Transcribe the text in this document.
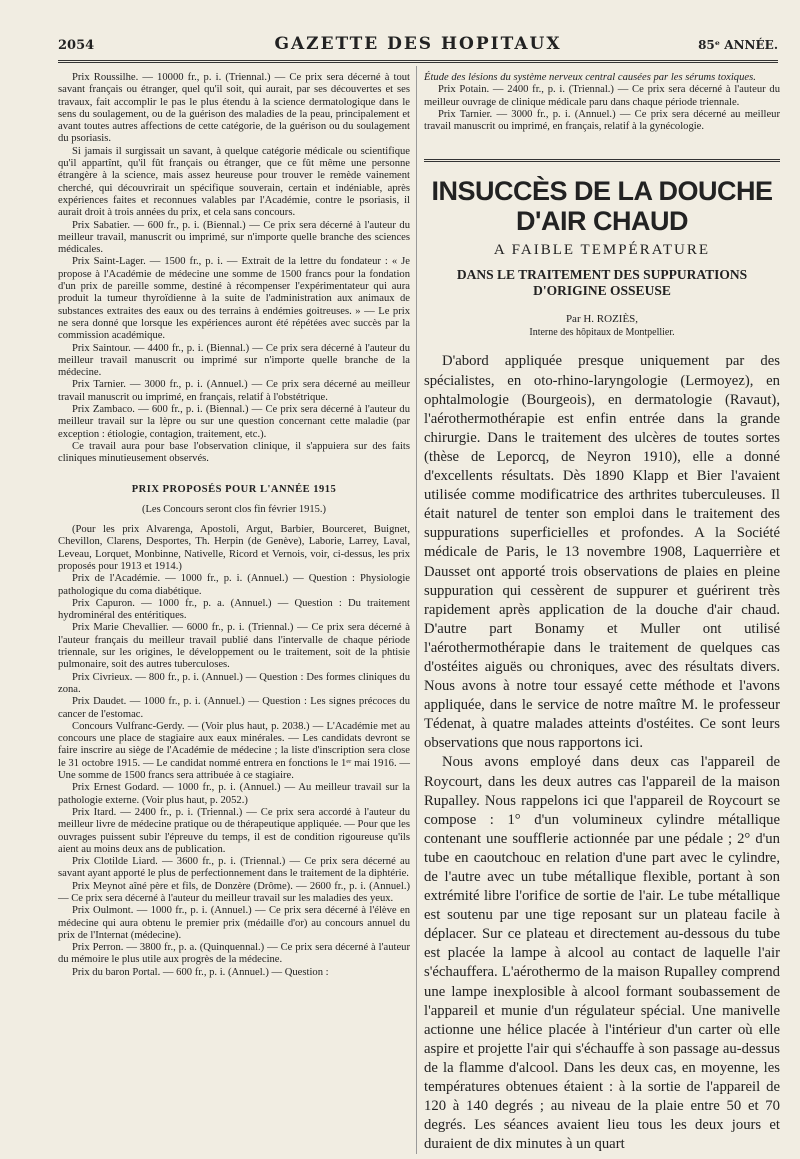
2054	GAZETTE DES HOPITAUX	85ᵉ ANNÉE.

Prix Roussilhe. — 10000 fr., p. i. (Triennal.) — Ce prix sera décerné à tout savant français ou étranger, quel qu'il soit, qui aurait, par ses découvertes et ses travaux, fait accomplir le pas le plus étendu à la science dermatologique dans le sens du soulagement, ou de la guérison des maladies de la peau, principalement et avant toutes autres affections de cette catégorie, de la guérison ou du soulagement du psoriasis.

Si jamais il surgissait un savant, à quelque catégorie médicale ou scientifique qu'il appartînt, qu'il fût français ou étranger, que ce fût même une personne étrangère à la science, mais assez heureuse pour trouver le remède vainement cherché, qui découvrirait un spécifique souverain, certain et indéniable, après expériences faites et reconnues valables par l'Académie, contre le psoriasis, il aurait droit à trois années du prix, et cela sans concours.

Prix Sabatier. — 600 fr., p. i. (Biennal.) — Ce prix sera décerné à l'auteur du meilleur travail, manuscrit ou imprimé, sur n'importe quelle branche des sciences médicales.

Prix Saint-Lager. — 1500 fr., p. i. — Extrait de la lettre du fondateur : « Je propose à l'Académie de médecine une somme de 1500 francs pour la fondation d'un prix de pareille somme, destiné à récompenser l'expérimentateur qui aura produit la tumeur thyroïdienne à la suite de l'administration aux animaux de substances extraites des eaux ou des terrains à endémies goitreuses. » — Le prix ne sera donné que lorsque les expériences auront été répétées avec succès par la commission académique.

Prix Saintour. — 4400 fr., p. i. (Biennal.) — Ce prix sera décerné à l'auteur du meilleur travail manuscrit ou imprimé sur n'importe quelle branche de la médecine.

Prix Tarnier. — 3000 fr., p. i. (Annuel.) — Ce prix sera décerné au meilleur travail manuscrit ou imprimé, en français, relatif à l'obstétrique.

Prix Zambaco. — 600 fr., p. i. (Biennal.) — Ce prix sera décerné à l'auteur du meilleur travail sur la lèpre ou sur une question concernant cette maladie (par exception : étiologie, contagion, traitement, etc.).

Ce travail aura pour base l'observation clinique, il s'appuiera sur des faits cliniques minutieusement observés.

PRIX PROPOSÉS POUR L'ANNÉE 1915
(Les Concours seront clos fin février 1915.)

(Pour les prix Alvarenga, Apostoli, Argut, Barbier, Bourceret, Buignet, Chevillon, Clarens, Desportes, Th. Herpin (de Genève), Laborie, Larrey, Laval, Leveau, Lorquet, Monbinne, Nativelle, Ricord et Vernois, voir, ci-dessus, les prix proposés pour 1913 et 1914.)

Prix de l'Académie. — 1000 fr., p. i. (Annuel.) — Question : Physiologie pathologique du coma diabétique.

Prix Capuron. — 1000 fr., p. a. (Annuel.) — Question : Du traitement hydrominéral des entéritiques.

Prix Marie Chevallier. — 6000 fr., p. i. (Triennal.) — Ce prix sera décerné à l'auteur français du meilleur travail publié dans l'intervalle de chaque période triennale, sur les origines, le développement ou le traitement, soit de la phtisie pulmonaire, soit des autres tuberculoses.

Prix Civrieux. — 800 fr., p. i. (Annuel.) — Question : Des formes cliniques du zona.

Prix Daudet. — 1000 fr., p. i. (Annuel.) — Question : Les signes précoces du cancer de l'estomac.

Concours Vulfranc-Gerdy. — (Voir plus haut, p. 2038.) — L'Académie met au concours une place de stagiaire aux eaux minérales. — Les candidats devront se faire inscrire au siège de l'Académie de médecine ; la liste d'inscription sera close le 31 octobre 1915. — Le candidat nommé entrera en fonctions le 1ᵉʳ mai 1916. — Une somme de 1500 francs sera attribuée à ce stagiaire.

Prix Ernest Godard. — 1000 fr., p. i. (Annuel.) — Au meilleur travail sur la pathologie externe. (Voir plus haut, p. 2052.)

Prix Itard. — 2400 fr., p. i. (Triennal.) — Ce prix sera accordé à l'auteur du meilleur livre de médecine pratique ou de thérapeutique appliquée. — Pour que les ouvrages puissent subir l'épreuve du temps, il est de condition rigoureuse qu'ils aient au moins deux ans de publication.

Prix Clotilde Liard. — 3600 fr., p. i. (Triennal.) — Ce prix sera décerné au savant ayant apporté le plus de perfectionnement dans le traitement de la diphtérie.

Prix Meynot aîné père et fils, de Donzère (Drôme). — 2600 fr., p. i. (Annuel.) — Ce prix sera décerné à l'auteur du meilleur travail sur les maladies des yeux.

Prix Oulmont. — 1000 fr., p. i. (Annuel.) — Ce prix sera décerné à l'élève en médecine qui aura obtenu le premier prix (médaille d'or) au concours annuel du prix de l'Internat (médecine).

Prix Perron. — 3800 fr., p. a. (Quinquennal.) — Ce prix sera décerné à l'auteur du mémoire le plus utile aux progrès de la médecine.

Prix du baron Portal. — 600 fr., p. i. (Annuel.) — Question :

Étude des lésions du système nerveux central causées par les sérums toxiques.

Prix Potain. — 2400 fr., p. i. (Triennal.) — Ce prix sera décerné à l'auteur du meilleur ouvrage de clinique médicale paru dans chaque période triennale.

Prix Tarnier. — 3000 fr., p. i. (Annuel.) — Ce prix sera décerné au meilleur travail manuscrit ou imprimé, en français, relatif à la gynécologie.

INSUCCÈS DE LA DOUCHE D'AIR CHAUD
A FAIBLE TEMPÉRATURE
DANS LE TRAITEMENT DES SUPPURATIONS D'ORIGINE OSSEUSE
Par H. ROZIÈS,
Interne des hôpitaux de Montpellier.

D'abord appliquée presque uniquement par des spécialistes, en oto-rhino-laryngologie (Lermoyez), en ophtalmologie (Bourgeois), en dermatologie (Ravaut), l'aérothermothérapie est enfin entrée dans la grande chirurgie. Dans le traitement des ulcères de toutes sortes (thèse de Leporcq, de Neyron 1910), elle a donné d'excellents résultats. Dès 1890 Klapp et Bier l'avaient utilisée comme modificatrice des arthrites tuberculeuses. Il était naturel de tenter son emploi dans le traitement des suppurations superficielles et profondes. A la Société médicale de Paris, le 13 novembre 1908, Laquerrière et Dausset ont apporté trois observations de plaies en pleine suppuration qui cessèrent de suppurer et guérirent très rapidement après application de la douche d'air chaud. D'autre part Bonamy et Muller ont utilisé l'aérothermothérapie dans le traitement de quelques cas d'ostéites aiguës ou chroniques, avec des résultats divers. Nous avons à notre tour essayé cette méthode et l'avons appliquée, dans le service de notre maître M. le professeur Tédenat, à quatre malades atteints d'ostéites. Ce sont leurs observations que nous rapportons ici.

Nous avons employé dans deux cas l'appareil de Roycourt, dans les deux autres cas l'appareil de la maison Rupalley. Nous rappelons ici que l'appareil de Roycourt se compose : 1° d'un volumineux cylindre métallique contenant une soufflerie actionnée par une pédale ; 2° d'un tube en caoutchouc en relation d'une part avec le cylindre, de l'autre avec un tube métallique flexible, portant à son extrémité libre l'orifice de sortie de l'air. Le tube métallique est soutenu par une tige reposant sur un plateau facile à déplacer. Sur ce plateau et directement au-dessous du tube est placée la lampe à alcool au contact de laquelle l'air s'échauffera. L'aérothermo de la maison Rupalley comprend une lampe inexplosible à alcool formant soubassement de l'appareil et munie d'un régulateur spécial. Une manivelle actionne une hélice placée à l'intérieur d'un carter où elle aspire et projette l'air qui s'échauffe à son passage au-dessus de la flamme d'alcool. Dans les deux cas, en moyenne, les températures obtenues étaient : à la sortie de l'appareil de 120 à 140 degrés ; au niveau de la plaie entre 50 et 70 degrés. Les séances avaient lieu tous les deux jours et duraient de dix minutes à un quart
